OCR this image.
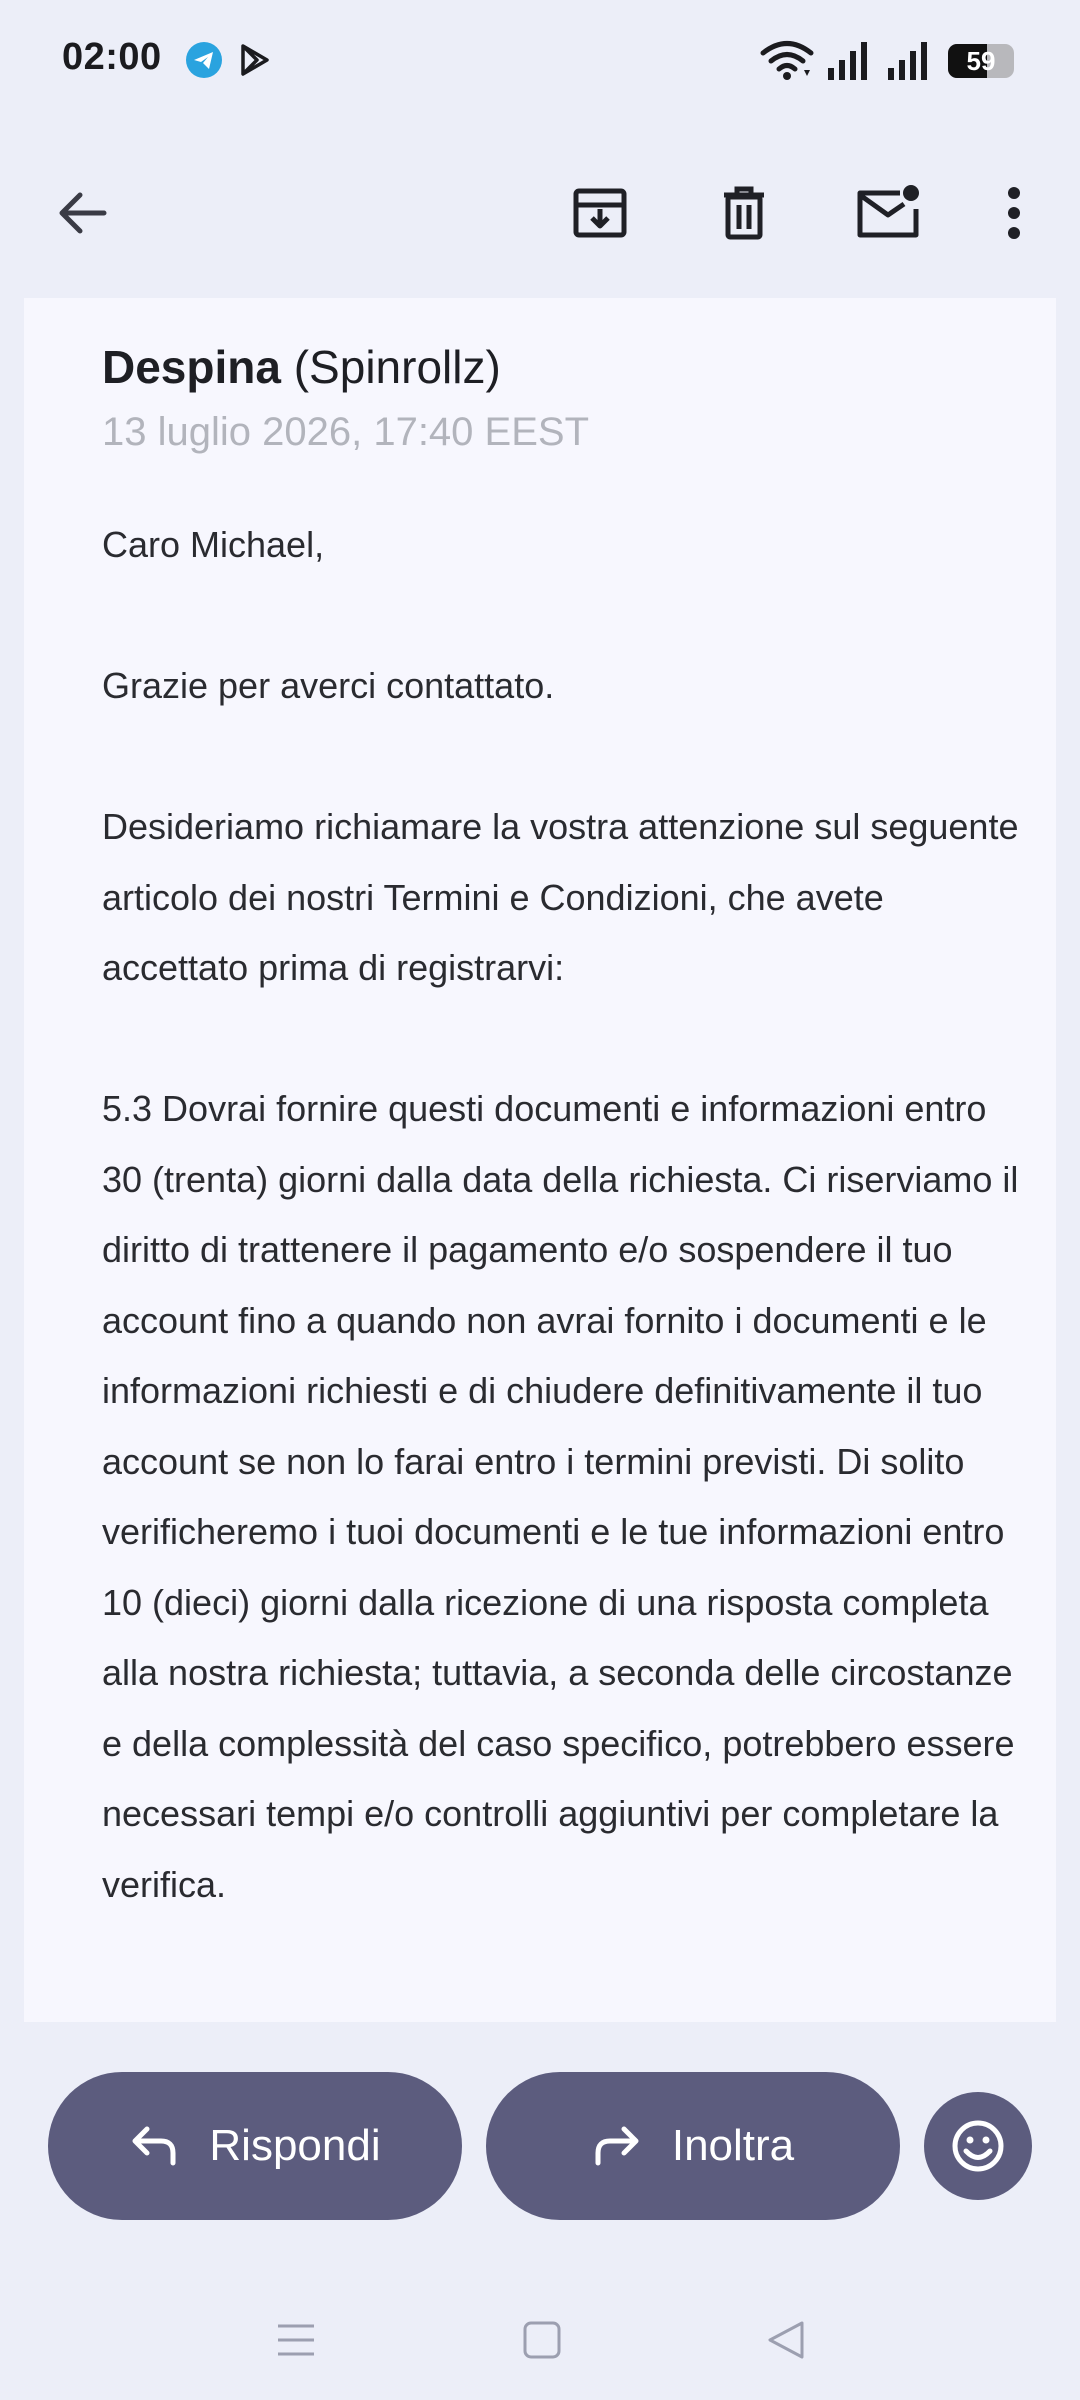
02:00	59
Despina (Spinrollz)
13 luglio 2026, 17:40 EEST

Caro Michael,

Grazie per averci contattato.

Desideriamo richiamare la vostra attenzione sul seguente articolo dei nostri Termini e Condizioni, che avete accettato prima di registrarvi:

5.3 Dovrai fornire questi documenti e informazioni entro 30 (trenta) giorni dalla data della richiesta. Ci riserviamo il diritto di trattenere il pagamento e/o sospendere il tuo account fino a quando non avrai fornito i documenti e le informazioni richiesti e di chiudere definitivamente il tuo account se non lo farai entro i termini previsti. Di solito verificheremo i tuoi documenti e le tue informazioni entro 10 (dieci) giorni dalla ricezione di una risposta completa alla nostra richiesta; tuttavia, a seconda delle circostanze e della complessità del caso specifico, potrebbero essere necessari tempi e/o controlli aggiuntivi per completare la verifica.

Rispondi	Inoltra
